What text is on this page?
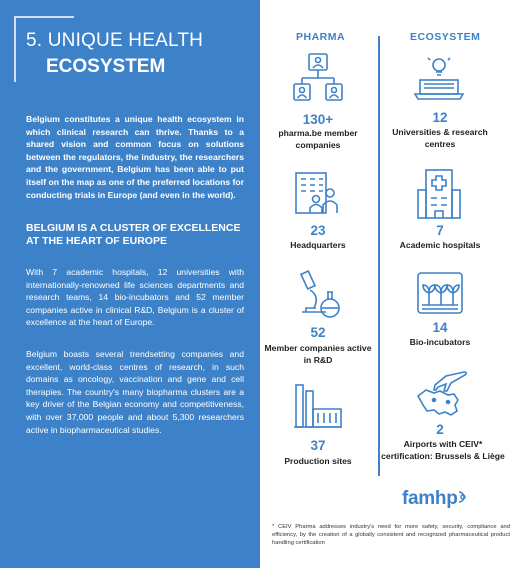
5. UNIQUE HEALTH
ECOSYSTEM
Belgium constitutes a unique health ecosystem in which clinical research can thrive. Thanks to a shared vision and common focus on solutions between the regulators, the industry, the researchers and the government, Belgium has been able to put itself on the map as one of the preferred locations for conducting trials in Europe (and even in the world).
BELGIUM IS A CLUSTER OF EXCELLENCE AT THE HEART OF EUROPE
With 7 academic hospitals, 12 universities with internationally-renowned life sciences departments and research teams, 14 bio-incubators and 52 member companies active in clinical R&D, Belgium is a cluster of excellence at the heart of Europe.
Belgium boasts several trendsetting companies and excellent, world-class centres of research, in such domains as oncology, vaccination and gene and cell therapies. The country's many biopharma clusters are a key driver of the Belgian economy and competitiveness, with over 37,000 people and about 5,300 researchers active in biopharmaceutical studies.
PHARMA	ECOSYSTEM
130+
pharma.be member companies
23
Headquarters
52
Member companies active in R&D
37
Production sites
12
Universities & research centres
7
Academic hospitals
14
Bio-incubators
2
Airports with CEIV* certification: Brussels & Liège
famhp
* CEIV Pharma addresses industry's need for more safety, security, compliance and efficiency, by the creation of a globally consistent and recognized pharmaceutical product handling certification
